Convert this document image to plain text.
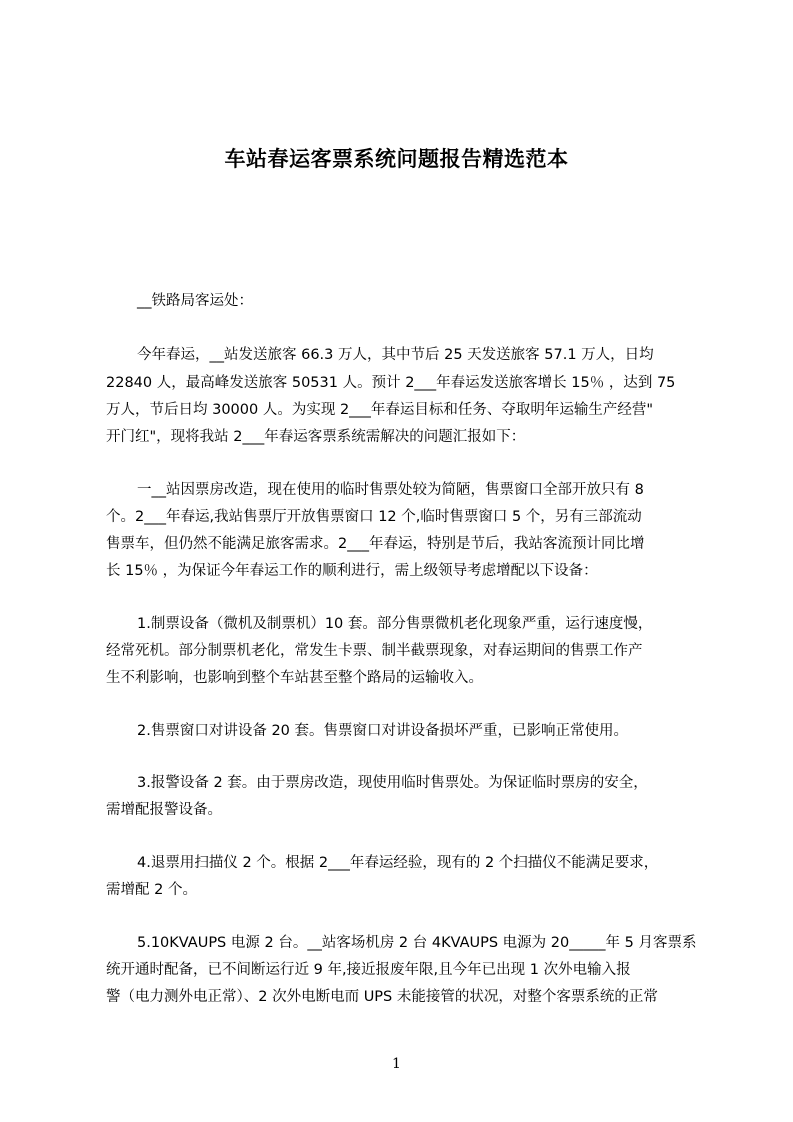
车站春运客票系统问题报告精选范本
__铁路局客运处：
今年春运，__站发送旅客 66.3 万人，其中节后 25 天发送旅客 57.1 万人，日均
22840 人，最高峰发送旅客 50531 人。预计 2___年春运发送旅客增长 15％ ，达到 75
万人，节后日均 30000 人。为实现 2___年春运目标和任务、夺取明年运输生产经营"
开门红"，现将我站 2___年春运客票系统需解决的问题汇报如下：
一__站因票房改造，现在使用的临时售票处较为简陋，售票窗口全部开放只有 8
个。2___年春运,我站售票厅开放售票窗口 12 个,临时售票窗口 5 个，另有三部流动
售票车，但仍然不能满足旅客需求。2___年春运，特别是节后，我站客流预计同比增
长 15％ ，为保证今年春运工作的顺利进行，需上级领导考虑增配以下设备：
1.制票设备（微机及制票机）10 套。部分售票微机老化现象严重，运行速度慢，
经常死机。部分制票机老化，常发生卡票、制半截票现象，对春运期间的售票工作产
生不利影响，也影响到整个车站甚至整个路局的运输收入。
2.售票窗口对讲设备 20 套。售票窗口对讲设备损坏严重，已影响正常使用。
3.报警设备 2 套。由于票房改造，现使用临时售票处。为保证临时票房的安全，
需增配报警设备。
4.退票用扫描仪 2 个。根据 2___年春运经验，现有的 2 个扫描仪不能满足要求，
需增配 2 个。
5.10KVAUPS 电源 2 台。__站客场机房 2 台 4KVAUPS 电源为 20_____年 5 月客票系
统开通时配备，已不间断运行近 9 年,接近报废年限,且今年已出现 1 次外电输入报
警（电力测外电正常）、2 次外电断电而 UPS 未能接管的状况，对整个客票系统的正常
1
